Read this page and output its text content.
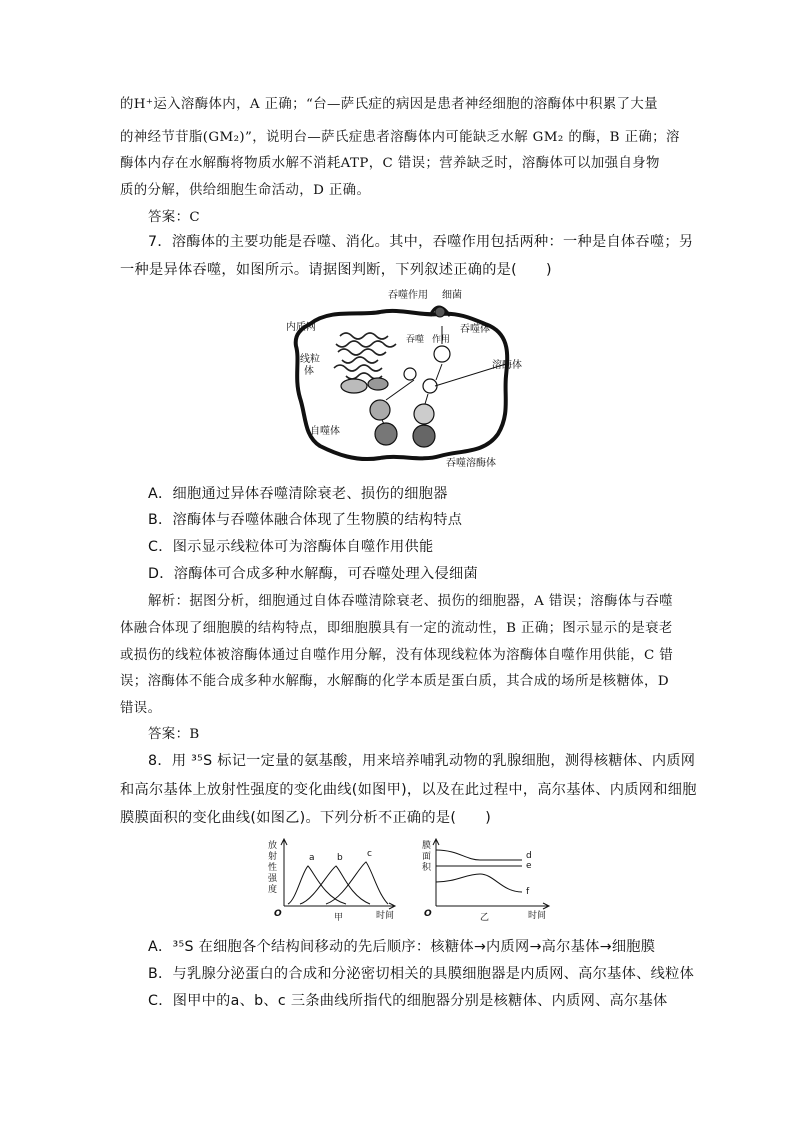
的H⁺运入溶酶体内，A 正确；“台—萨氏症的病因是患者神经细胞的溶酶体中积累了大量
的神经节苷脂(GM₂)”，说明台—萨氏症患者溶酶体内可能缺乏水解 GM₂ 的酶，B 正确；溶
酶体内存在水解酶将物质水解不消耗ATP，C 错误；营养缺乏时，溶酶体可以加强自身物
质的分解，供给细胞生命活动，D 正确。
答案：C
7．溶酶体的主要功能是吞噬、消化。其中，吞噬作用包括两种：一种是自体吞噬；另
一种是异体吞噬，如图所示。请据图判断，下列叙述正确的是(　　)
吞噬作用 细菌
内质网	吞噬体
吞噬 作用
线粒
体
溶酶体
自噬体
吞噬溶酶体
A．细胞通过异体吞噬清除衰老、损伤的细胞器
B．溶酶体与吞噬体融合体现了生物膜的结构特点
C．图示显示线粒体可为溶酶体自噬作用供能
D．溶酶体可合成多种水解酶，可吞噬处理入侵细菌
解析：据图分析，细胞通过自体吞噬清除衰老、损伤的细胞器，A 错误；溶酶体与吞噬
体融合体现了细胞膜的结构特点，即细胞膜具有一定的流动性，B 正确；图示显示的是衰老
或损伤的线粒体被溶酶体通过自噬作用分解，没有体现线粒体为溶酶体自噬作用供能，C 错
误；溶酶体不能合成多种水解酶，水解酶的化学本质是蛋白质，其合成的场所是核糖体，D
错误。
答案：B
8．用 ³⁵S 标记一定量的氨基酸，用来培养哺乳动物的乳腺细胞，测得核糖体、内质网
和高尔基体上放射性强度的变化曲线(如图甲)，以及在此过程中，高尔基体、内质网和细胞
膜膜面积的变化曲线(如图乙)。下列分析不正确的是(　　)
放
射
性
强
度
a b	c
O	时间
甲
膜
面
积
d
e
f
O	时间
乙
A．³⁵S 在细胞各个结构间移动的先后顺序：核糖体→内质网→高尔基体→细胞膜
B．与乳腺分泌蛋白的合成和分泌密切相关的具膜细胞器是内质网、高尔基体、线粒体
C．图甲中的a、b、c 三条曲线所指代的细胞器分别是核糖体、内质网、高尔基体
